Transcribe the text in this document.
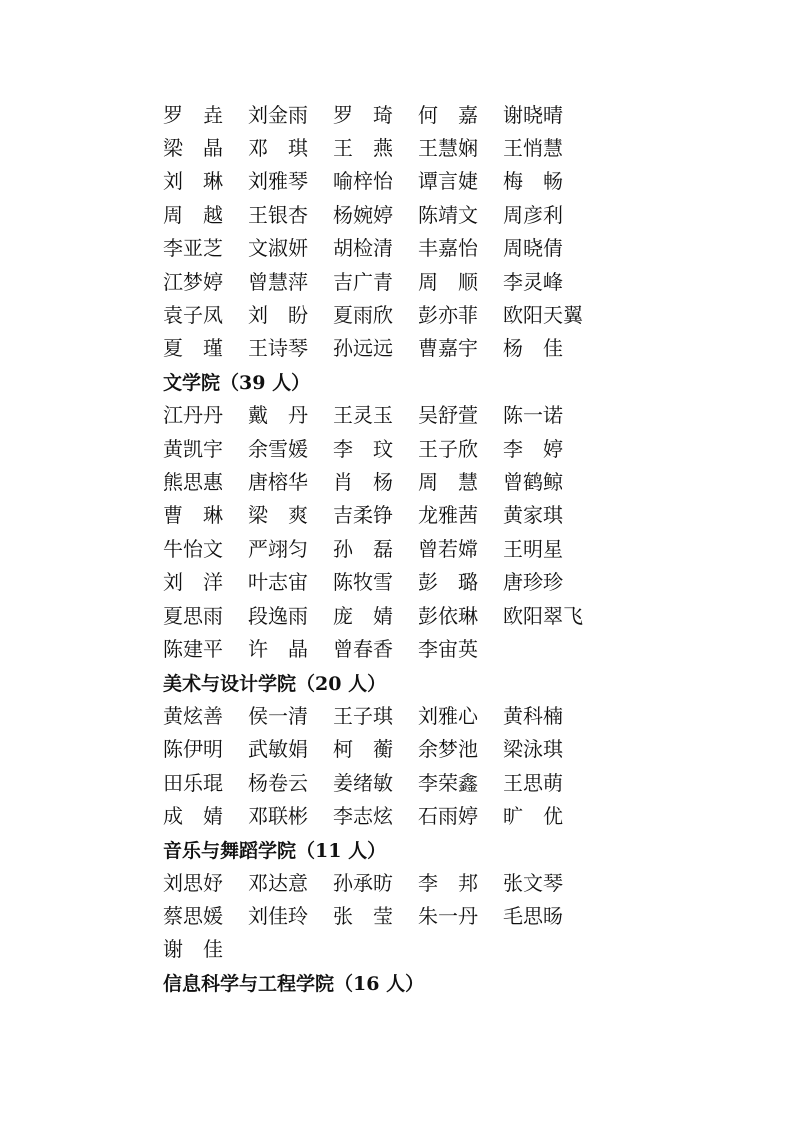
罗　垚	刘金雨	罗　琦	何　嘉	谢晓晴
梁　晶	邓　琪	王　燕	王慧娴	王悄慧
刘　琳	刘雅琴	喻梓怡	谭言婕	梅　畅
周　越	王银杏	杨婉婷	陈靖文	周彦利
李亚芝	文淑妍	胡检清	丰嘉怡	周晓倩
江梦婷	曾慧萍	吉广青	周　顺	李灵峰
袁子凤	刘　盼	夏雨欣	彭亦菲	欧阳天翼
夏　瑾	王诗琴	孙远远	曹嘉宇	杨　佳
文学院 （39 人）
江丹丹	戴　丹	王灵玉	吴舒萱	陈一诺
黄凯宇	余雪媛	李　玟	王子欣	李　婷
熊思惠	唐榕华	肖　杨	周　慧	曾鹤鲸
曹　琳	梁　爽	吉柔铮	龙雅茜	黄家琪
牛怡文	严翊匀	孙　磊	曾若嫦	王明星
刘　洋	叶志宙	陈牧雪	彭　璐	唐珍珍
夏思雨	段逸雨	庞　婧	彭依琳	欧阳翠飞
陈建平	许　晶	曾春香	李宙英
美术与设计学院 （20 人）
黄炫善	侯一清	王子琪	刘雅心	黄科楠
陈伊明	武敏娟	柯　蘅	余梦池	梁泳琪
田乐琨	杨卷云	姜绪敏	李荣鑫	王思萌
成　婧	邓联彬	李志炫	石雨婷	旷　优
音乐与舞蹈学院 （11 人）
刘思妤	邓达意	孙承昉	李　邦	张文琴
蔡思媛	刘佳玲	张　莹	朱一丹	毛思旸
谢　佳
信息科学与工程学院 （16 人）
